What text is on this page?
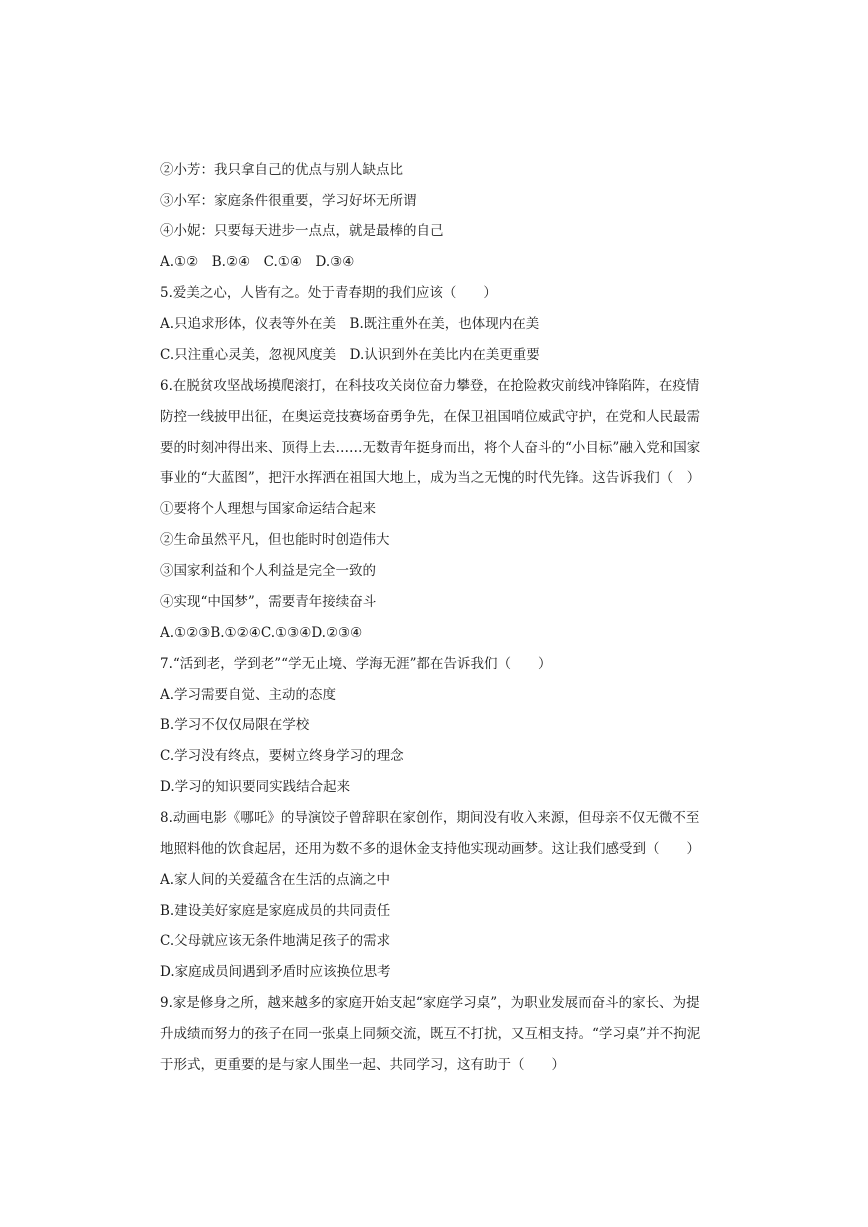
②小芳：我只拿自己的优点与别人缺点比
③小军：家庭条件很重要，学习好坏无所谓
④小妮：只要每天进步一点点，就是最棒的自己
A.①②　B.②④　C.①④　D.③④
5.爱美之心，人皆有之。处于青春期的我们应该（　　）
A.只追求形体，仪表等外在美　B.既注重外在美，也体现内在美
C.只注重心灵美，忽视风度美　D.认识到外在美比内在美更重要
6.在脱贫攻坚战场摸爬滚打，在科技攻关岗位奋力攀登，在抢险救灾前线冲锋陷阵，在疫情
防控一线披甲出征，在奥运竞技赛场奋勇争先，在保卫祖国哨位威武守护，在党和人民最需
要的时刻冲得出来、顶得上去……无数青年挺身而出，将个人奋斗的“小目标”融入党和国家
事业的“大蓝图”，把汗水挥洒在祖国大地上，成为当之无愧的时代先锋。这告诉我们（　）
①要将个人理想与国家命运结合起来
②生命虽然平凡，但也能时时创造伟大
③国家利益和个人利益是完全一致的
④实现“中国梦”，需要青年接续奋斗
A.①②③B.①②④C.①③④D.②③④
7.“活到老，学到老”“学无止境、学海无涯”都在告诉我们（　　）
A.学习需要自觉、主动的态度
B.学习不仅仅局限在学校
C.学习没有终点，要树立终身学习的理念
D.学习的知识要同实践结合起来
8.动画电影《哪吒》的导演饺子曾辞职在家创作，期间没有收入来源，但母亲不仅无微不至
地照料他的饮食起居，还用为数不多的退休金支持他实现动画梦。这让我们感受到（　　）
A.家人间的关爱蕴含在生活的点滴之中
B.建设美好家庭是家庭成员的共同责任
C.父母就应该无条件地满足孩子的需求
D.家庭成员间遇到矛盾时应该换位思考
9.家是修身之所，越来越多的家庭开始支起“家庭学习桌”，为职业发展而奋斗的家长、为提
升成绩而努力的孩子在同一张桌上同频交流，既互不打扰，又互相支持。“学习桌”并不拘泥
于形式，更重要的是与家人围坐一起、共同学习，这有助于（　　）
